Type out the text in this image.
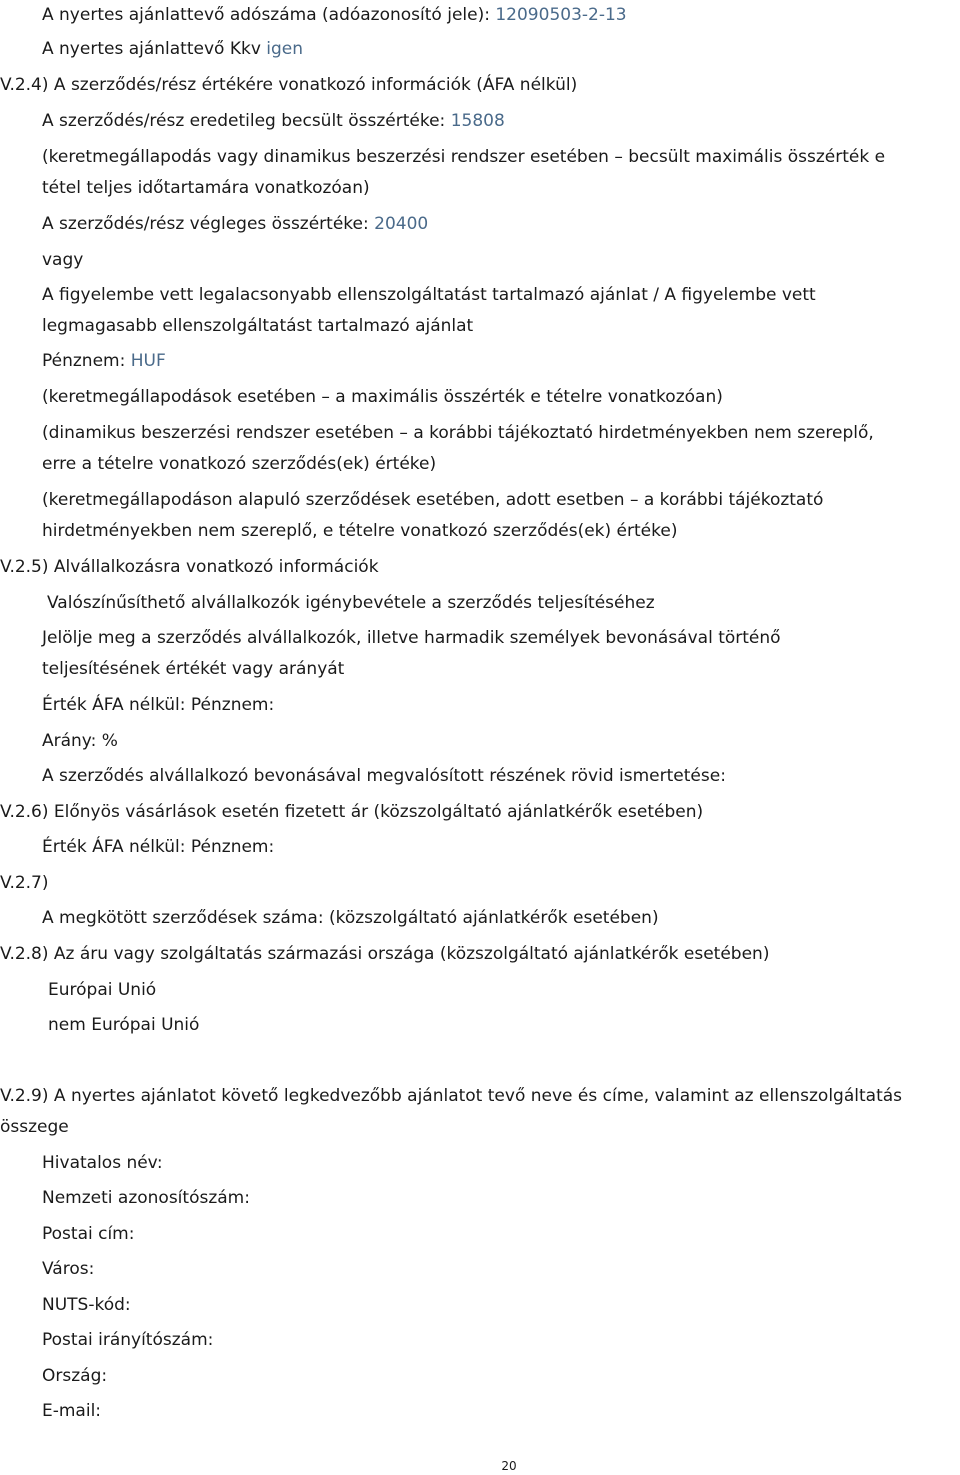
A nyertes ajánlattevő adószáma (adóazonosító jele): 12090503-2-13
A nyertes ajánlattevő Kkv igen
V.2.4) A szerződés/rész értékére vonatkozó információk (ÁFA nélkül)
A szerződés/rész eredetileg becsült összértéke: 15808
(keretmegállapodás vagy dinamikus beszerzési rendszer esetében – becsült maximális összérték e
tétel teljes időtartamára vonatkozóan)
A szerződés/rész végleges összértéke: 20400
vagy
A figyelembe vett legalacsonyabb ellenszolgáltatást tartalmazó ajánlat / A figyelembe vett
legmagasabb ellenszolgáltatást tartalmazó ajánlat
Pénznem: HUF
(keretmegállapodások esetében – a maximális összérték e tételre vonatkozóan)
(dinamikus beszerzési rendszer esetében – a korábbi tájékoztató hirdetményekben nem szereplő,
erre a tételre vonatkozó szerződés(ek) értéke)
(keretmegállapodáson alapuló szerződések esetében, adott esetben – a korábbi tájékoztató
hirdetményekben nem szereplő, e tételre vonatkozó szerződés(ek) értéke)
V.2.5) Alvállalkozásra vonatkozó információk
Valószínűsíthető alvállalkozók igénybevétele a szerződés teljesítéséhez
Jelölje meg a szerződés alvállalkozók, illetve harmadik személyek bevonásával történő
teljesítésének értékét vagy arányát
Érték ÁFA nélkül: Pénznem:
Arány: %
A szerződés alvállalkozó bevonásával megvalósított részének rövid ismertetése:
V.2.6) Előnyös vásárlások esetén fizetett ár (közszolgáltató ajánlatkérők esetében)
Érték ÁFA nélkül: Pénznem:
V.2.7)
A megkötött szerződések száma: (közszolgáltató ajánlatkérők esetében)
V.2.8) Az áru vagy szolgáltatás származási országa (közszolgáltató ajánlatkérők esetében)
Európai Unió
nem Európai Unió
V.2.9) A nyertes ajánlatot követő legkedvezőbb ajánlatot tevő neve és címe, valamint az ellenszolgáltatás
összege
Hivatalos név:
Nemzeti azonosítószám:
Postai cím:
Város:
NUTS-kód:
Postai irányítószám:
Ország:
E-mail:
20
